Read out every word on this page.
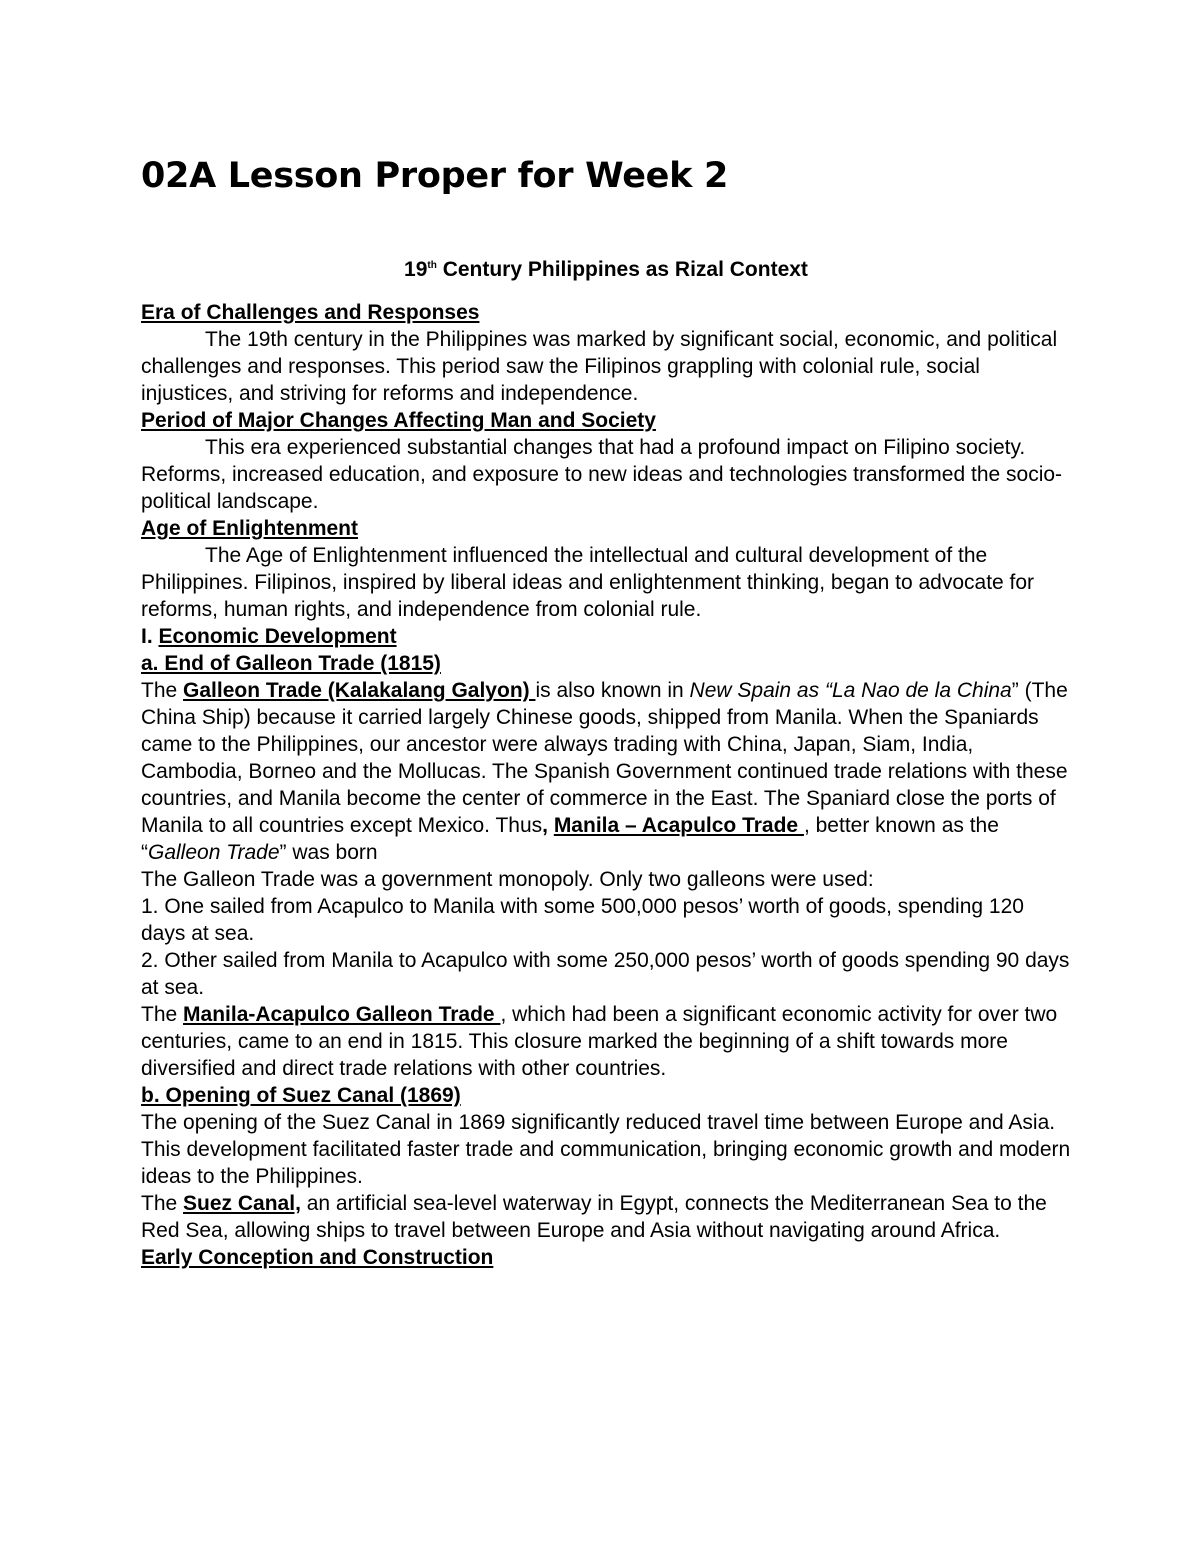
02A Lesson Proper for Week 2
19th Century Philippines as Rizal Context

Era of Challenges and Responses

The 19th century in the Philippines was marked by significant social, economic, and political challenges and responses. This period saw the Filipinos grappling with colonial rule, social injustices, and striving for reforms and independence.

Period of Major Changes Affecting Man and Society

This era experienced substantial changes that had a profound impact on Filipino society. Reforms, increased education, and exposure to new ideas and technologies transformed the socio-political landscape.

Age of Enlightenment

The Age of Enlightenment influenced the intellectual and cultural development of the Philippines. Filipinos, inspired by liberal ideas and enlightenment thinking, began to advocate for reforms, human rights, and independence from colonial rule.

I. Economic Development

a. End of Galleon Trade (1815)

The Galleon Trade (Kalakalang Galyon) is also known in New Spain as “La Nao de la China” (The China Ship) because it carried largely Chinese goods, shipped from Manila. When the Spaniards came to the Philippines, our ancestor were always trading with China, Japan, Siam, India, Cambodia, Borneo and the Mollucas. The Spanish Government continued trade relations with these countries, and Manila become the center of commerce in the East. The Spaniard close the ports of Manila to all countries except Mexico. Thus, Manila – Acapulco Trade , better known as the “Galleon Trade” was born

The Galleon Trade was a government monopoly. Only two galleons were used:

1. One sailed from Acapulco to Manila with some 500,000 pesos’ worth of goods, spending 120 days at sea.

2. Other sailed from Manila to Acapulco with some 250,000 pesos’ worth of goods spending 90 days at sea.

The Manila-Acapulco Galleon Trade , which had been a significant economic activity for over two centuries, came to an end in 1815. This closure marked the beginning of a shift towards more diversified and direct trade relations with other countries.

b. Opening of Suez Canal (1869)

The opening of the Suez Canal in 1869 significantly reduced travel time between Europe and Asia. This development facilitated faster trade and communication, bringing economic growth and modern ideas to the Philippines.

The Suez Canal, an artificial sea-level waterway in Egypt, connects the Mediterranean Sea to the Red Sea, allowing ships to travel between Europe and Asia without navigating around Africa.

Early Conception and Construction
